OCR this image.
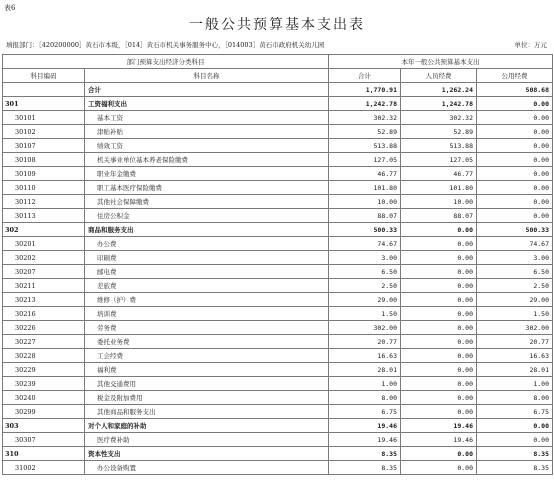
表6
一般公共预算基本支出表
填报部门：［420200000］黄石市本级，［014］黄石市机关事务服务中心，［014003］黄石市政府机关幼儿园	单位：万元
部门预算支出经济分类科目		本年一般公共预算基本支出		
科目编码	科目名称	合计	人员经费	公用经费
	合计	1,770.91	1,262.24	508.68
301	工资福利支出	1,242.78	1,242.78	0.00
30101	基本工资	302.32	302.32	0.00
30102	津贴补贴	52.89	52.89	0.00
30107	绩效工资	513.88	513.88	0.00
30108	机关事业单位基本养老保险缴费	127.05	127.05	0.00
30109	职业年金缴费	46.77	46.77	0.00
30110	职工基本医疗保险缴费	101.80	101.80	0.00
30112	其他社会保障缴费	10.00	10.00	0.00
30113	住房公积金	88.07	88.07	0.00
302	商品和服务支出	500.33	0.00	500.33
30201	办公费	74.67	0.00	74.67
30202	印刷费	3.00	0.00	3.00
30207	邮电费	6.50	0.00	6.50
30211	差旅费	2.50	0.00	2.50
30213	维修（护）费	29.00	0.00	29.00
30216	培训费	1.50	0.00	1.50
30226	劳务费	302.00	0.00	302.00
30227	委托业务费	20.77	0.00	20.77
30228	工会经费	16.63	0.00	16.63
30229	福利费	28.01	0.00	28.01
30239	其他交通费用	1.00	0.00	1.00
30240	税金及附加费用	8.00	0.00	8.00
30299	其他商品和服务支出	6.75	0.00	6.75
303	对个人和家庭的补助	19.46	19.46	0.00
30307	医疗费补助	19.46	19.46	0.00
310	资本性支出	8.35	0.00	8.35
31002	办公设备购置	8.35	0.00	8.35
